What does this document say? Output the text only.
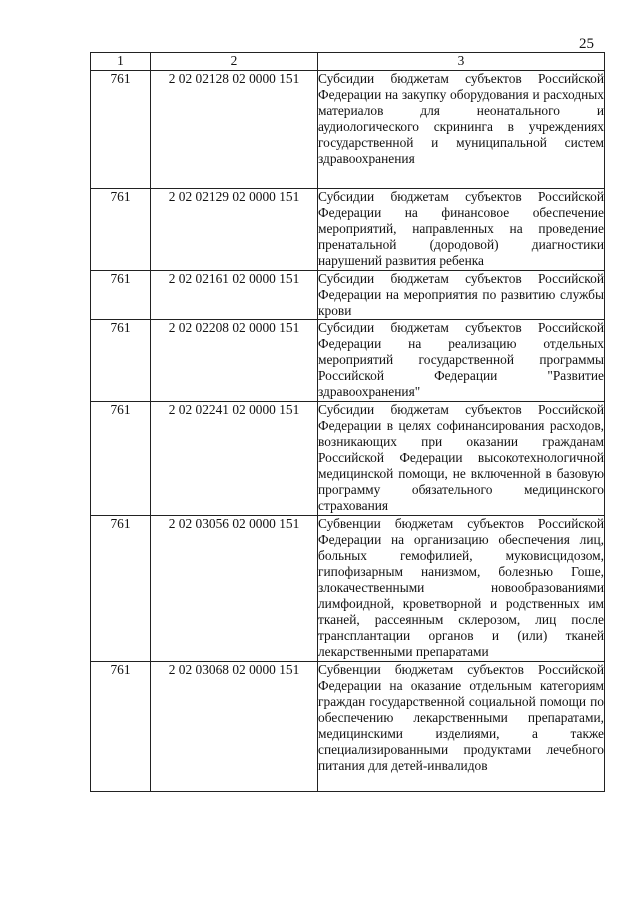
25
1	2	3
761	2 02 02128 02 0000 151	Субсидии бюджетам субъектов Российской Федерации на закупку оборудования и расходных материалов для неонатального и аудиологического скрининга в учреждениях государственной и муниципальной систем здравоохранения

761	2 02 02129 02 0000 151	Субсидии бюджетам субъектов Российской Федерации на финансовое обеспечение мероприятий, направленных на проведение пренатальной (дородовой) диагностики нарушений развития ребенка

761	2 02 02161 02 0000 151	Субсидии бюджетам субъектов Российской Федерации на мероприятия по развитию службы крови

761	2 02 02208 02 0000 151	Субсидии бюджетам субъектов Российской Федерации на реализацию отдельных мероприятий государственной программы Российской Федерации "Развитие здравоохранения"

761	2 02 02241 02 0000 151	Субсидии бюджетам субъектов Российской Федерации в целях софинансирования расходов, возникающих при оказании гражданам Российской Федерации высокотехнологичной медицинской помощи, не включенной в базовую программу обязательного медицинского страхования

761	2 02 03056 02 0000 151	Субвенции бюджетам субъектов Российской Федерации на организацию обеспечения лиц, больных гемофилией, муковисцидозом, гипофизарным нанизмом, болезнью Гоше, злокачественными новообразованиями лимфоидной, кроветворной и родственных им тканей, рассеянным склерозом, лиц после трансплантации органов и (или) тканей лекарственными препаратами

761	2 02 03068 02 0000 151	Субвенции бюджетам субъектов Российской Федерации на оказание отдельным категориям граждан государственной социальной помощи по обеспечению лекарственными препаратами, медицинскими изделиями, а также специализированными продуктами лечебного питания для детей-инвалидов
